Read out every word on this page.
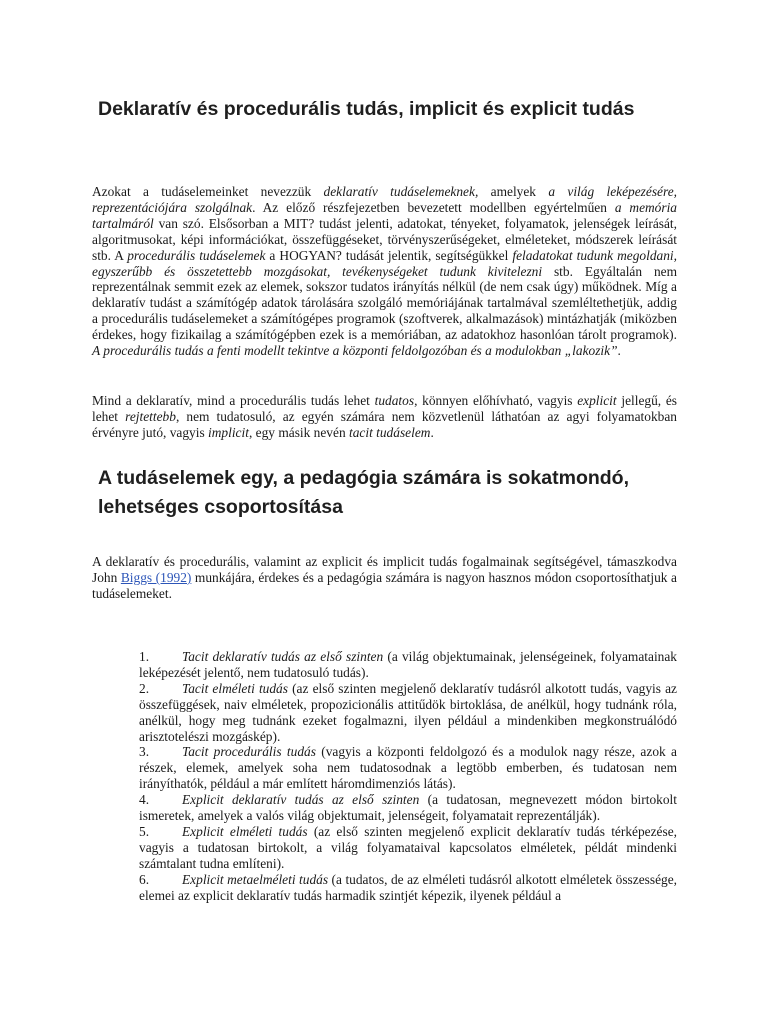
Deklaratív és procedurális tudás, implicit és explicit tudás

Azokat a tudáselemeinket nevezzük deklaratív tudáselemeknek, amelyek a világ leképezésére, reprezentációjára szolgálnak. Az előző részfejezetben bevezetett modellben egyértelműen a memória tartalmáról van szó. Elsősorban a MIT? tudást jelenti, adatokat, tényeket, folyamatok, jelenségek leírását, algoritmusokat, képi információkat, összefüggéseket, törvényszerűségeket, elméleteket, módszerek leírását stb. A procedurális tudáselemek a HOGYAN? tudását jelentik, segítségükkel feladatokat tudunk megoldani, egyszerűbb és összetettebb mozgásokat, tevékenységeket tudunk kivitelezni stb. Egyáltalán nem reprezentálnak semmit ezek az elemek, sokszor tudatos irányítás nélkül (de nem csak úgy) működnek. Míg a deklaratív tudást a számítógép adatok tárolására szolgáló memóriájának tartalmával szemléltethetjük, addig a procedurális tudáselemeket a számítógépes programok (szoftverek, alkalmazások) mintázhatják (miközben érdekes, hogy fizikailag a számítógépben ezek is a memóriában, az adatokhoz hasonlóan tárolt programok). A procedurális tudás a fenti modellt tekintve a központi feldolgozóban és a modulokban „lakozik”.

Mind a deklaratív, mind a procedurális tudás lehet tudatos, könnyen előhívható, vagyis explicit jellegű, és lehet rejtettebb, nem tudatosuló, az egyén számára nem közvetlenül láthatóan az agyi folyamatokban érvényre jutó, vagyis implicit, egy másik nevén tacit tudáselem.

A tudáselemek egy, a pedagógia számára is sokatmondó, lehetséges csoportosítása

A deklaratív és procedurális, valamint az explicit és implicit tudás fogalmainak segítségével, támaszkodva John Biggs (1992) munkájára, érdekes és a pedagógia számára is nagyon hasznos módon csoportosíthatjuk a tudáselemeket.

1. Tacit deklaratív tudás az első szinten (a világ objektumainak, jelenségeinek, folyamatainak leképezését jelentő, nem tudatosuló tudás).
2. Tacit elméleti tudás (az első szinten megjelenő deklaratív tudásról alkotott tudás, vagyis az összefüggések, naiv elméletek, propozicionális attitűdök birtoklása, de anélkül, hogy tudnánk róla, anélkül, hogy meg tudnánk ezeket fogalmazni, ilyen például a mindenkiben megkonstruálódó arisztotelészi mozgáskép).
3. Tacit procedurális tudás (vagyis a központi feldolgozó és a modulok nagy része, azok a részek, elemek, amelyek soha nem tudatosodnak a legtöbb emberben, és tudatosan nem irányíthatók, például a már említett háromdimenziós látás).
4. Explicit deklaratív tudás az első szinten (a tudatosan, megnevezett módon birtokolt ismeretek, amelyek a valós világ objektumait, jelenségeit, folyamatait reprezentálják).
5. Explicit elméleti tudás (az első szinten megjelenő explicit deklaratív tudás térképezése, vagyis a tudatosan birtokolt, a világ folyamataival kapcsolatos elméletek, példát mindenki számtalant tudna említeni).
6. Explicit metaelméleti tudás (a tudatos, de az elméleti tudásról alkotott elméletek összessége, elemei az explicit deklaratív tudás harmadik szintjét képezik, ilyenek például a
